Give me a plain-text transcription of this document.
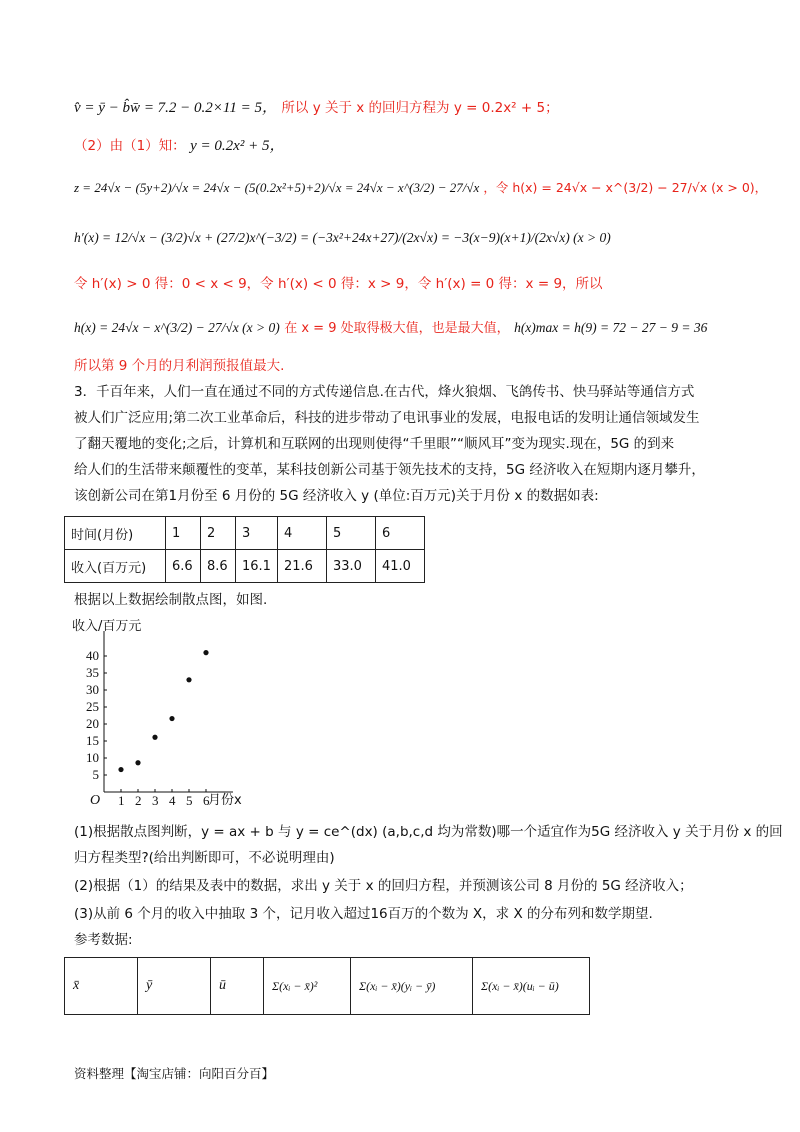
v̂ = ȳ − b̂w̄ = 7.2 − 0.2×11 = 5， 所以 y 关于 x 的回归方程为 y = 0.2x² + 5；
（2）由（1）知： y = 0.2x² + 5，
z = 24√x − (5y+2)/√x = 24√x − (5(0.2x²+5)+2)/√x = 24√x − x^(3/2) − 27/√x ，令 h(x) = 24√x − x^(3/2) − 27/√x (x > 0)，
h′(x) = 12/√x − (3/2)√x + (27/2)x^(−3/2) = (−3x²+24x+27)/(2x√x) = −3(x−9)(x+1)/(2x√x) (x > 0)
令 h′(x) > 0 得：0 < x < 9，令 h′(x) < 0 得：x > 9，令 h′(x) = 0 得：x = 9，所以
h(x) = 24√x − x^(3/2) − 27/√x (x > 0) 在 x = 9 处取得极大值，也是最大值， h(x)max = h(9) = 72 − 27 − 9 = 36
所以第 9 个月的月利润预报值最大.
3．千百年来，人们一直在通过不同的方式传递信息.在古代，烽火狼烟、飞鸽传书、快马驿站等通信方式
被人们广泛应用;第二次工业革命后，科技的进步带动了电讯事业的发展，电报电话的发明让通信领域发生
了翻天覆地的变化;之后，计算机和互联网的出现则使得“千里眼”“顺风耳”变为现实.现在，5G 的到来
给人们的生活带来颠覆性的变革，某科技创新公司基于领先技术的支持，5G 经济收入在短期内逐月攀升，
该创新公司在第1月份至 6 月份的 5G 经济收入 y (单位:百万元)关于月份 x 的数据如表:
时间(月份)	1	2	3	4	5	6
收入(百万元)	6.6	8.6	16.1	21.6	33.0	41.0
根据以上数据绘制散点图，如图.
收入/百万元
月份x
O 1 2 3 4 5 6
5
10
15
20
25
30
35
40
(1)根据散点图判断，y = ax + b 与 y = ce^(dx) (a,b,c,d 均为常数)哪一个适宜作为5G 经济收入 y 关于月份 x 的回
归方程类型?(给出判断即可，不必说明理由)
(2)根据（1）的结果及表中的数据，求出 y 关于 x 的回归方程，并预测该公司 8 月份的 5G 经济收入；
(3)从前 6 个月的收入中抽取 3 个，记月收入超过16百万的个数为 X，求 X 的分布列和数学期望.
参考数据:
x̄	ȳ	ū	Σ(xᵢ − x̄)²	Σ(xᵢ − x̄)(yᵢ − ȳ)	Σ(xᵢ − x̄)(uᵢ − ū)
资料整理【淘宝店铺：向阳百分百】
